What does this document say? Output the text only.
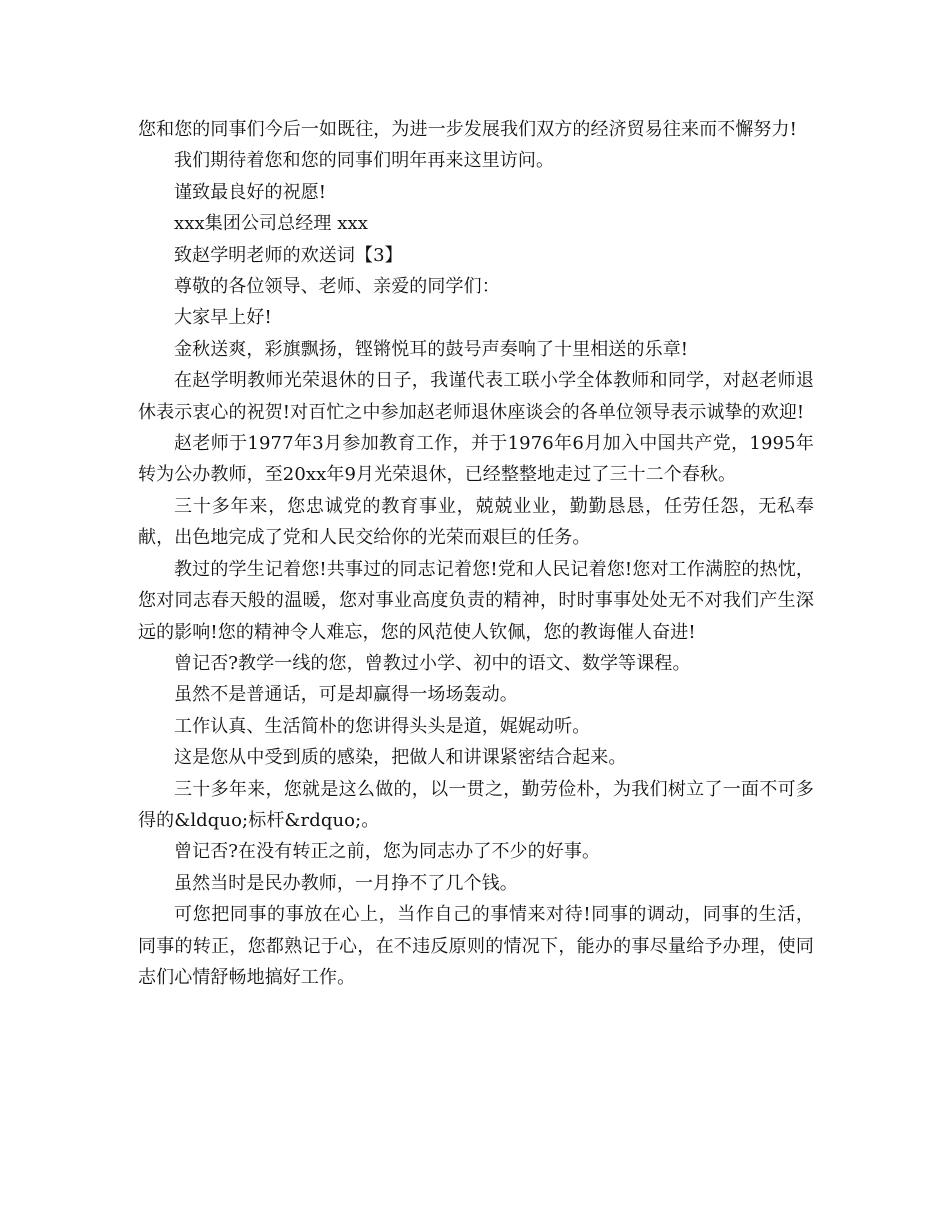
您和您的同事们今后一如既往，为进一步发展我们双方的经济贸易往来而不懈努力!

我们期待着您和您的同事们明年再来这里访问。

谨致最良好的祝愿!

xxx集团公司总经理 xxx

致赵学明老师的欢送词【3】

尊敬的各位领导、老师、亲爱的同学们：

大家早上好!

金秋送爽，彩旗飘扬，铿锵悦耳的鼓号声奏响了十里相送的乐章!

在赵学明教师光荣退休的日子，我谨代表工联小学全体教师和同学，对赵老师退休表示衷心的祝贺!对百忙之中参加赵老师退休座谈会的各单位领导表示诚挚的欢迎!

赵老师于1977年3月参加教育工作，并于1976年6月加入中国共产党，1995年转为公办教师，至20xx年9月光荣退休，已经整整地走过了三十二个春秋。

三十多年来，您忠诚党的教育事业，兢兢业业，勤勤恳恳，任劳任怨，无私奉献，出色地完成了党和人民交给你的光荣而艰巨的任务。

教过的学生记着您!共事过的同志记着您!党和人民记着您!您对工作满腔的热忱，您对同志春天般的温暖，您对事业高度负责的精神，时时事事处处无不对我们产生深远的影响!您的精神令人难忘，您的风范使人钦佩，您的教诲催人奋进!

曾记否?教学一线的您，曾教过小学、初中的语文、数学等课程。

虽然不是普通话，可是却赢得一场场轰动。

工作认真、生活简朴的您讲得头头是道，娓娓动听。

这是您从中受到质的感染，把做人和讲课紧密结合起来。

三十多年来，您就是这么做的，以一贯之，勤劳俭朴，为我们树立了一面不可多得的&ldquo;标杆&rdquo;。

曾记否?在没有转正之前，您为同志办了不少的好事。

虽然当时是民办教师，一月挣不了几个钱。

可您把同事的事放在心上，当作自己的事情来对待!同事的调动，同事的生活，同事的转正，您都熟记于心，在不违反原则的情况下，能办的事尽量给予办理，使同志们心情舒畅地搞好工作。
